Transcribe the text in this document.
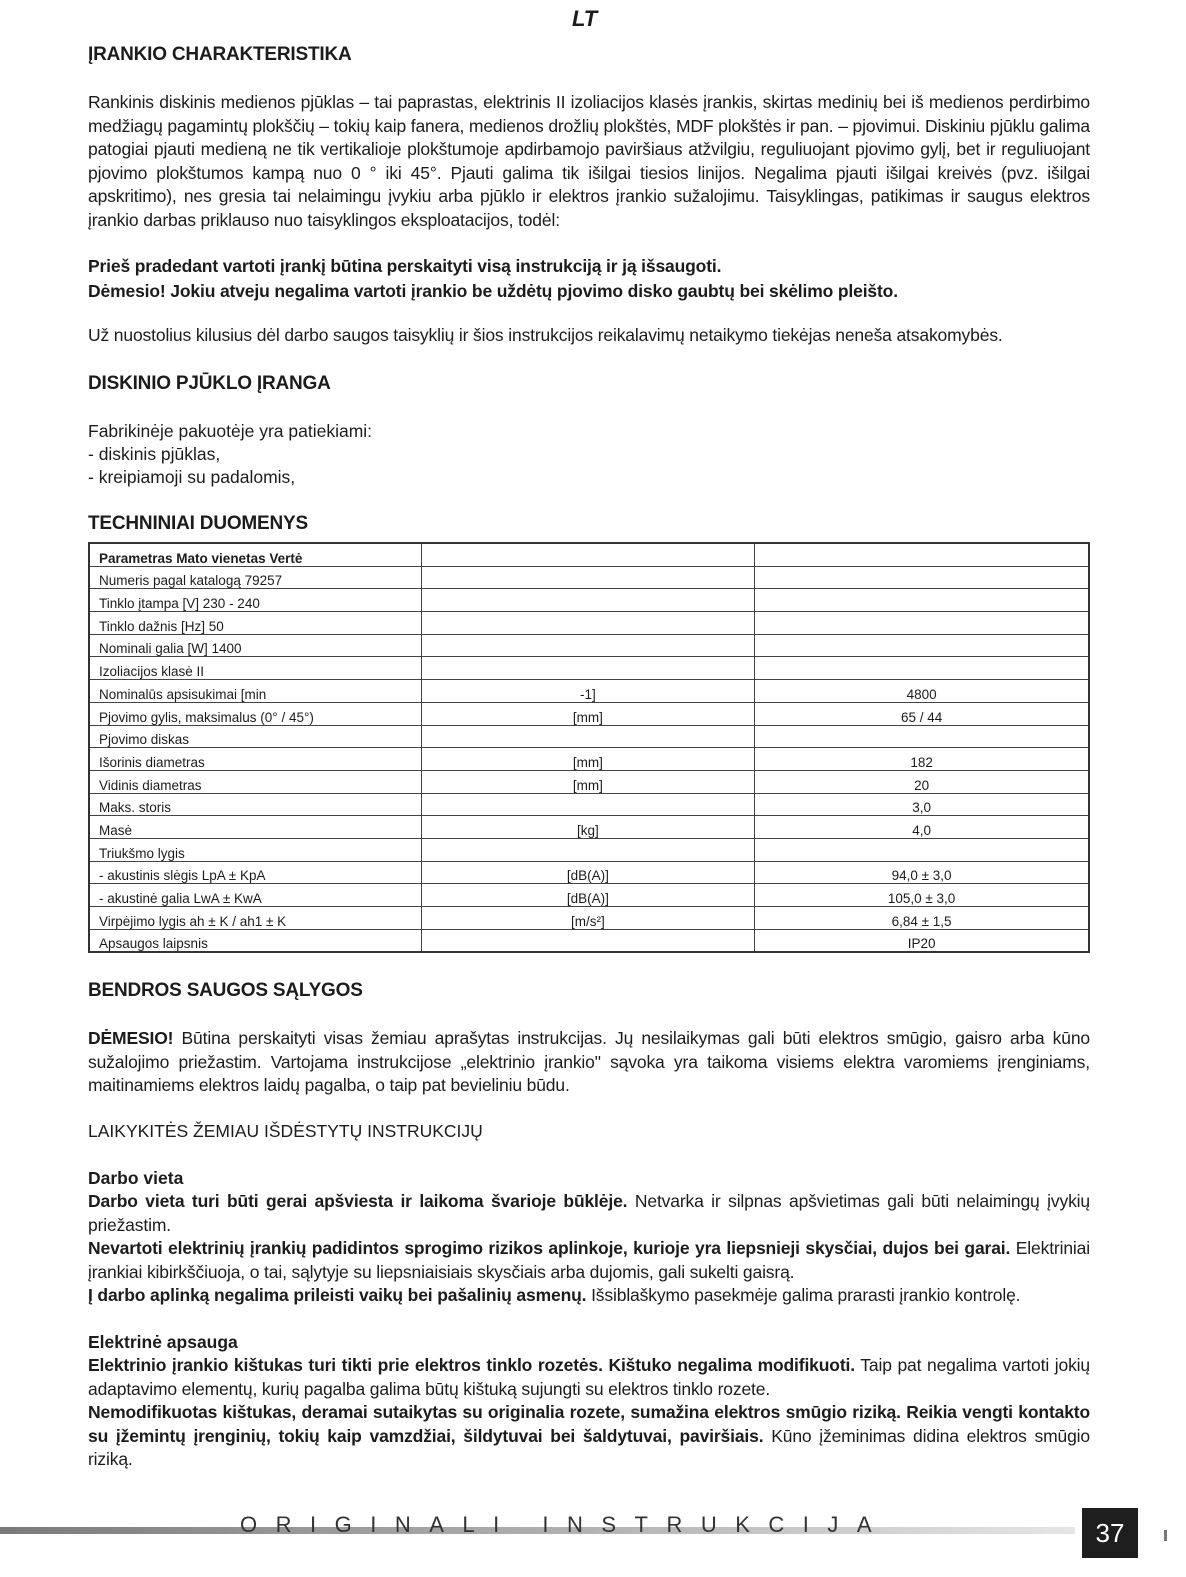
LT
ĮRANKIO CHARAKTERISTIKA
Rankinis diskinis medienos pjūklas – tai paprastas, elektrinis II izoliacijos klasės įrankis, skirtas medinių bei iš medienos perdirbimo medžiagų pagamintų plokščių – tokių kaip fanera, medienos drožlių plokštės, MDF plokštės ir pan. – pjovimui. Diskiniu pjūklu galima patogiai pjauti medieną ne tik vertikalioje plokštumoje apdirbamojo paviršiaus atžvilgiu, reguliuojant pjovimo gylį, bet ir reguliuojant pjovimo plokštumos kampą nuo 0 ° iki 45°. Pjauti galima tik išilgai tiesios linijos. Negalima pjauti išilgai kreivės (pvz. išilgai apskritimo), nes gresia tai nelaimingu įvykiu arba pjūklo ir elektros įrankio sužalojimu. Taisyklingas, patikimas ir saugus elektros įrankio darbas priklauso nuo taisyklingos eksploatacijos, todėl:
Prieš pradedant vartoti įrankį būtina perskaityti visą instrukciją ir ją išsaugoti.
Dėmesio! Jokiu atveju negalima vartoti įrankio be uždėtų pjovimo disko gaubtų bei skėlimo pleišto.
Už nuostolius kilusius dėl darbo saugos taisyklių ir šios instrukcijos reikalavimų netaikymo tiekėjas neneša atsakomybės.
DISKINIO PJŪKLO ĮRANGA
Fabrikinėje pakuotėje yra patiekiami:
- diskinis pjūklas,
- kreipiamoji su padalomis,
TECHNINIAI DUOMENYS
Parametras Mato vienetas Vertė		
Numeris pagal katalogą 79257		
Tinklo įtampa [V] 230 - 240		
Tinklo dažnis [Hz] 50		
Nominali galia [W] 1400		
Izoliacijos klasė II		
Nominalūs apsisukimai [min	-1]	4800
Pjovimo gylis, maksimalus (0° / 45°)	[mm]	65 / 44
Pjovimo diskas		
Išorinis diametras	[mm]	182
Vidinis diametras	[mm]	20
Maks. storis		3,0
Masė	[kg]	4,0
Triukšmo lygis		
- akustinis slėgis LpA ± KpA	[dB(A)]	94,0 ± 3,0
- akustinė galia LwA ± KwA	[dB(A)]	105,0 ± 3,0
Virpėjimo lygis ah ± K / ah1 ± K	[m/s²]	6,84 ± 1,5
Apsaugos laipsnis		IP20
BENDROS SAUGOS SĄLYGOS
DĖMESIO! Būtina perskaityti visas žemiau aprašytas instrukcijas. Jų nesilaikymas gali būti elektros smūgio, gaisro arba kūno sužalojimo priežastim. Vartojama instrukcijose „elektrinio įrankio" sąvoka yra taikoma visiems elektra varomiems įrenginiams, maitinamiems elektros laidų pagalba, o taip pat bevieliniu būdu.
LAIKYKITĖS ŽEMIAU IŠDĖSTYTŲ INSTRUKCIJŲ
Darbo vieta
Darbo vieta turi būti gerai apšviesta ir laikoma švarioje būklėje. Netvarka ir silpnas apšvietimas gali būti nelaimingų įvykių priežastim.
Nevartoti elektrinių įrankių padidintos sprogimo rizikos aplinkoje, kurioje yra liepsnieji skysčiai, dujos bei garai. Elektriniai įrankiai kibirkščiuoja, o tai, sąlytyje su liepsniaisiais skysčiais arba dujomis, gali sukelti gaisrą.
Į darbo aplinką negalima prileisti vaikų bei pašalinių asmenų. Išsiblaškymo pasekmėje galima prarasti įrankio kontrolę.
Elektrinė apsauga
Elektrinio įrankio kištukas turi tikti prie elektros tinklo rozetės. Kištuko negalima modifikuoti. Taip pat negalima vartoti jokių adaptavimo elementų, kurių pagalba galima būtų kištuką sujungti su elektros tinklo rozete.
Nemodifikuotas kištukas, deramai sutaikytas su originalia rozete, sumažina elektros smūgio riziką. Reikia vengti kontakto su įžemintų įrenginių, tokių kaip vamzdžiai, šildytuvai bei šaldytuvai, paviršiais. Kūno įžeminimas didina elektros smūgio riziką.
ORIGINALI INSTRUKCIJA	37
